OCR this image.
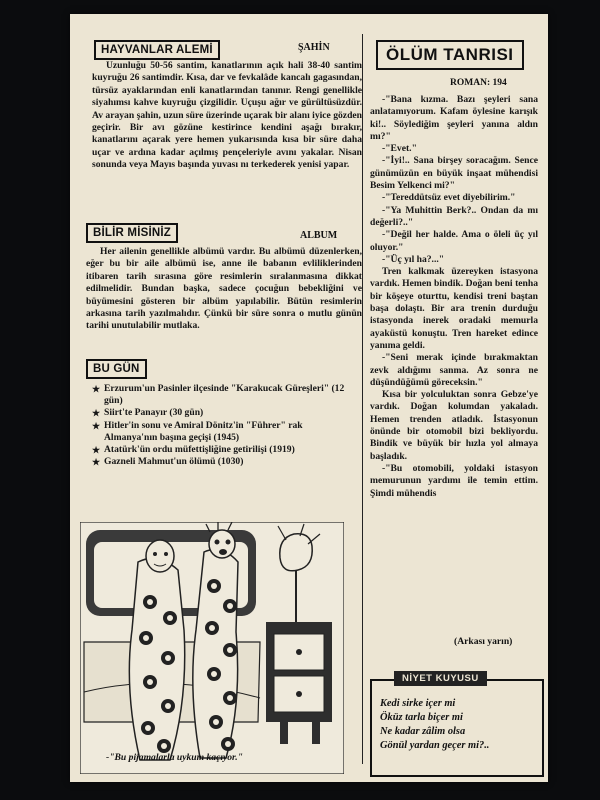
HAYVANLAR ALEMİ	ŞAHİN

Uzunluğu 50-56 santim, kanatlarının açık hali 38-40 santim kuyruğu 26 santimdir. Kısa, dar ve fevkalâde kancalı gagasından, türsüz ayaklarından enli kanatlarından tanınır. Rengi genellikle siyahımsı kahve kuyruğu çizgilidir. Uçuşu ağır ve gürültüsüzdür. Av arayan şahin, uzun süre üzerinde uçarak bir alanı iyice gözden geçirir. Bir avı gözüne kestirince kendini aşağı bırakır, kanatlarını açarak yere hemen yukarısında kısa bir süre daha uçar ve ardına kadar açılmış pençeleriyle avını yakalar. Nisan sonunda veya Mayıs başında yuvası nı terkederek yenisi yapar.

BİLİR MİSİNİZ	ALBUM

Her ailenin genellikle albümü vardır. Bu albümü düzenlerken, eğer bu bir aile albümü ise, anne ile babanın evliliklerinden itibaren tarih sırasına göre resimlerin sıralanmasına dikkat edilmelidir. Bundan başka, sadece çocuğun bebekliğini ve büyümesini gösteren bir albüm yapılabilir. Bütün resimlerin arkasına tarih yazılmalıdır. Çünkü bir süre sonra o mutlu günün tarihi unutulabilir mutlaka.

BU GÜN
★ Erzurum'un Pasinler ilçesinde "Karakucak Güreşleri" (12 gün)
★ Siirt'te Panayır (30 gün)
★ Hitler'in sonu ve Amiral Dönitz'in "Führer" rak Almanya'nın başına geçişi (1945)
★ Atatürk'ün ordu müfettişliğine getirilişi (1919)
★ Gazneli Mahmut'un ölümü (1030)
-"Bu pijamalarla uykum kaçıyor."
ÖLÜM TANRISI
ROMAN: 194

-"Bana kızma. Bazı şeyleri sana anlatamıyorum. Kafam öylesine karışık ki!.. Söylediğim şeyleri yanına aldın mı?"

-"Evet."

-"İyi!.. Sana birşey soracağım. Sence günümüzün en büyük inşaat mühendisi Besim Yelkenci mi?"

-"Tereddütsüz evet diyebilirim."

-"Ya Muhittin Berk?.. Ondan da mı değerli?.."

-"Değil her halde. Ama o öleli üç yıl oluyor."

-"Üç yıl ha?..."

Tren kalkmak üzereyken istasyona vardık. Hemen bindik. Doğan beni tenha bir köşeye oturttu, kendisi treni baştan başa dolaştı. Bir ara trenin durduğu istasyonda inerek oradaki memurla ayaküstü konuştu. Tren hareket edince yanıma geldi.

-"Seni merak içinde bırakmaktan zevk aldığımı sanma. Az sonra ne düşündüğümü göreceksin."

Kısa bir yolculuktan sonra Gebze'ye vardık. Doğan kolumdan yakaladı. Hemen trenden atladık. İstasyonun önünde bir otomobil bizi bekliyordu. Bindik ve büyük bir hızla yol almaya başladık.

-"Bu otomobili, yoldaki istasyon memurunun yardımı ile temin ettim. Şimdi mühendis

(Arkası yarın)
NİYET KUYUSU
Kedi sirke içer mi
Öküz tarla biçer mi
Ne kadar zâlim olsa
Gönül yardan geçer mi?..
